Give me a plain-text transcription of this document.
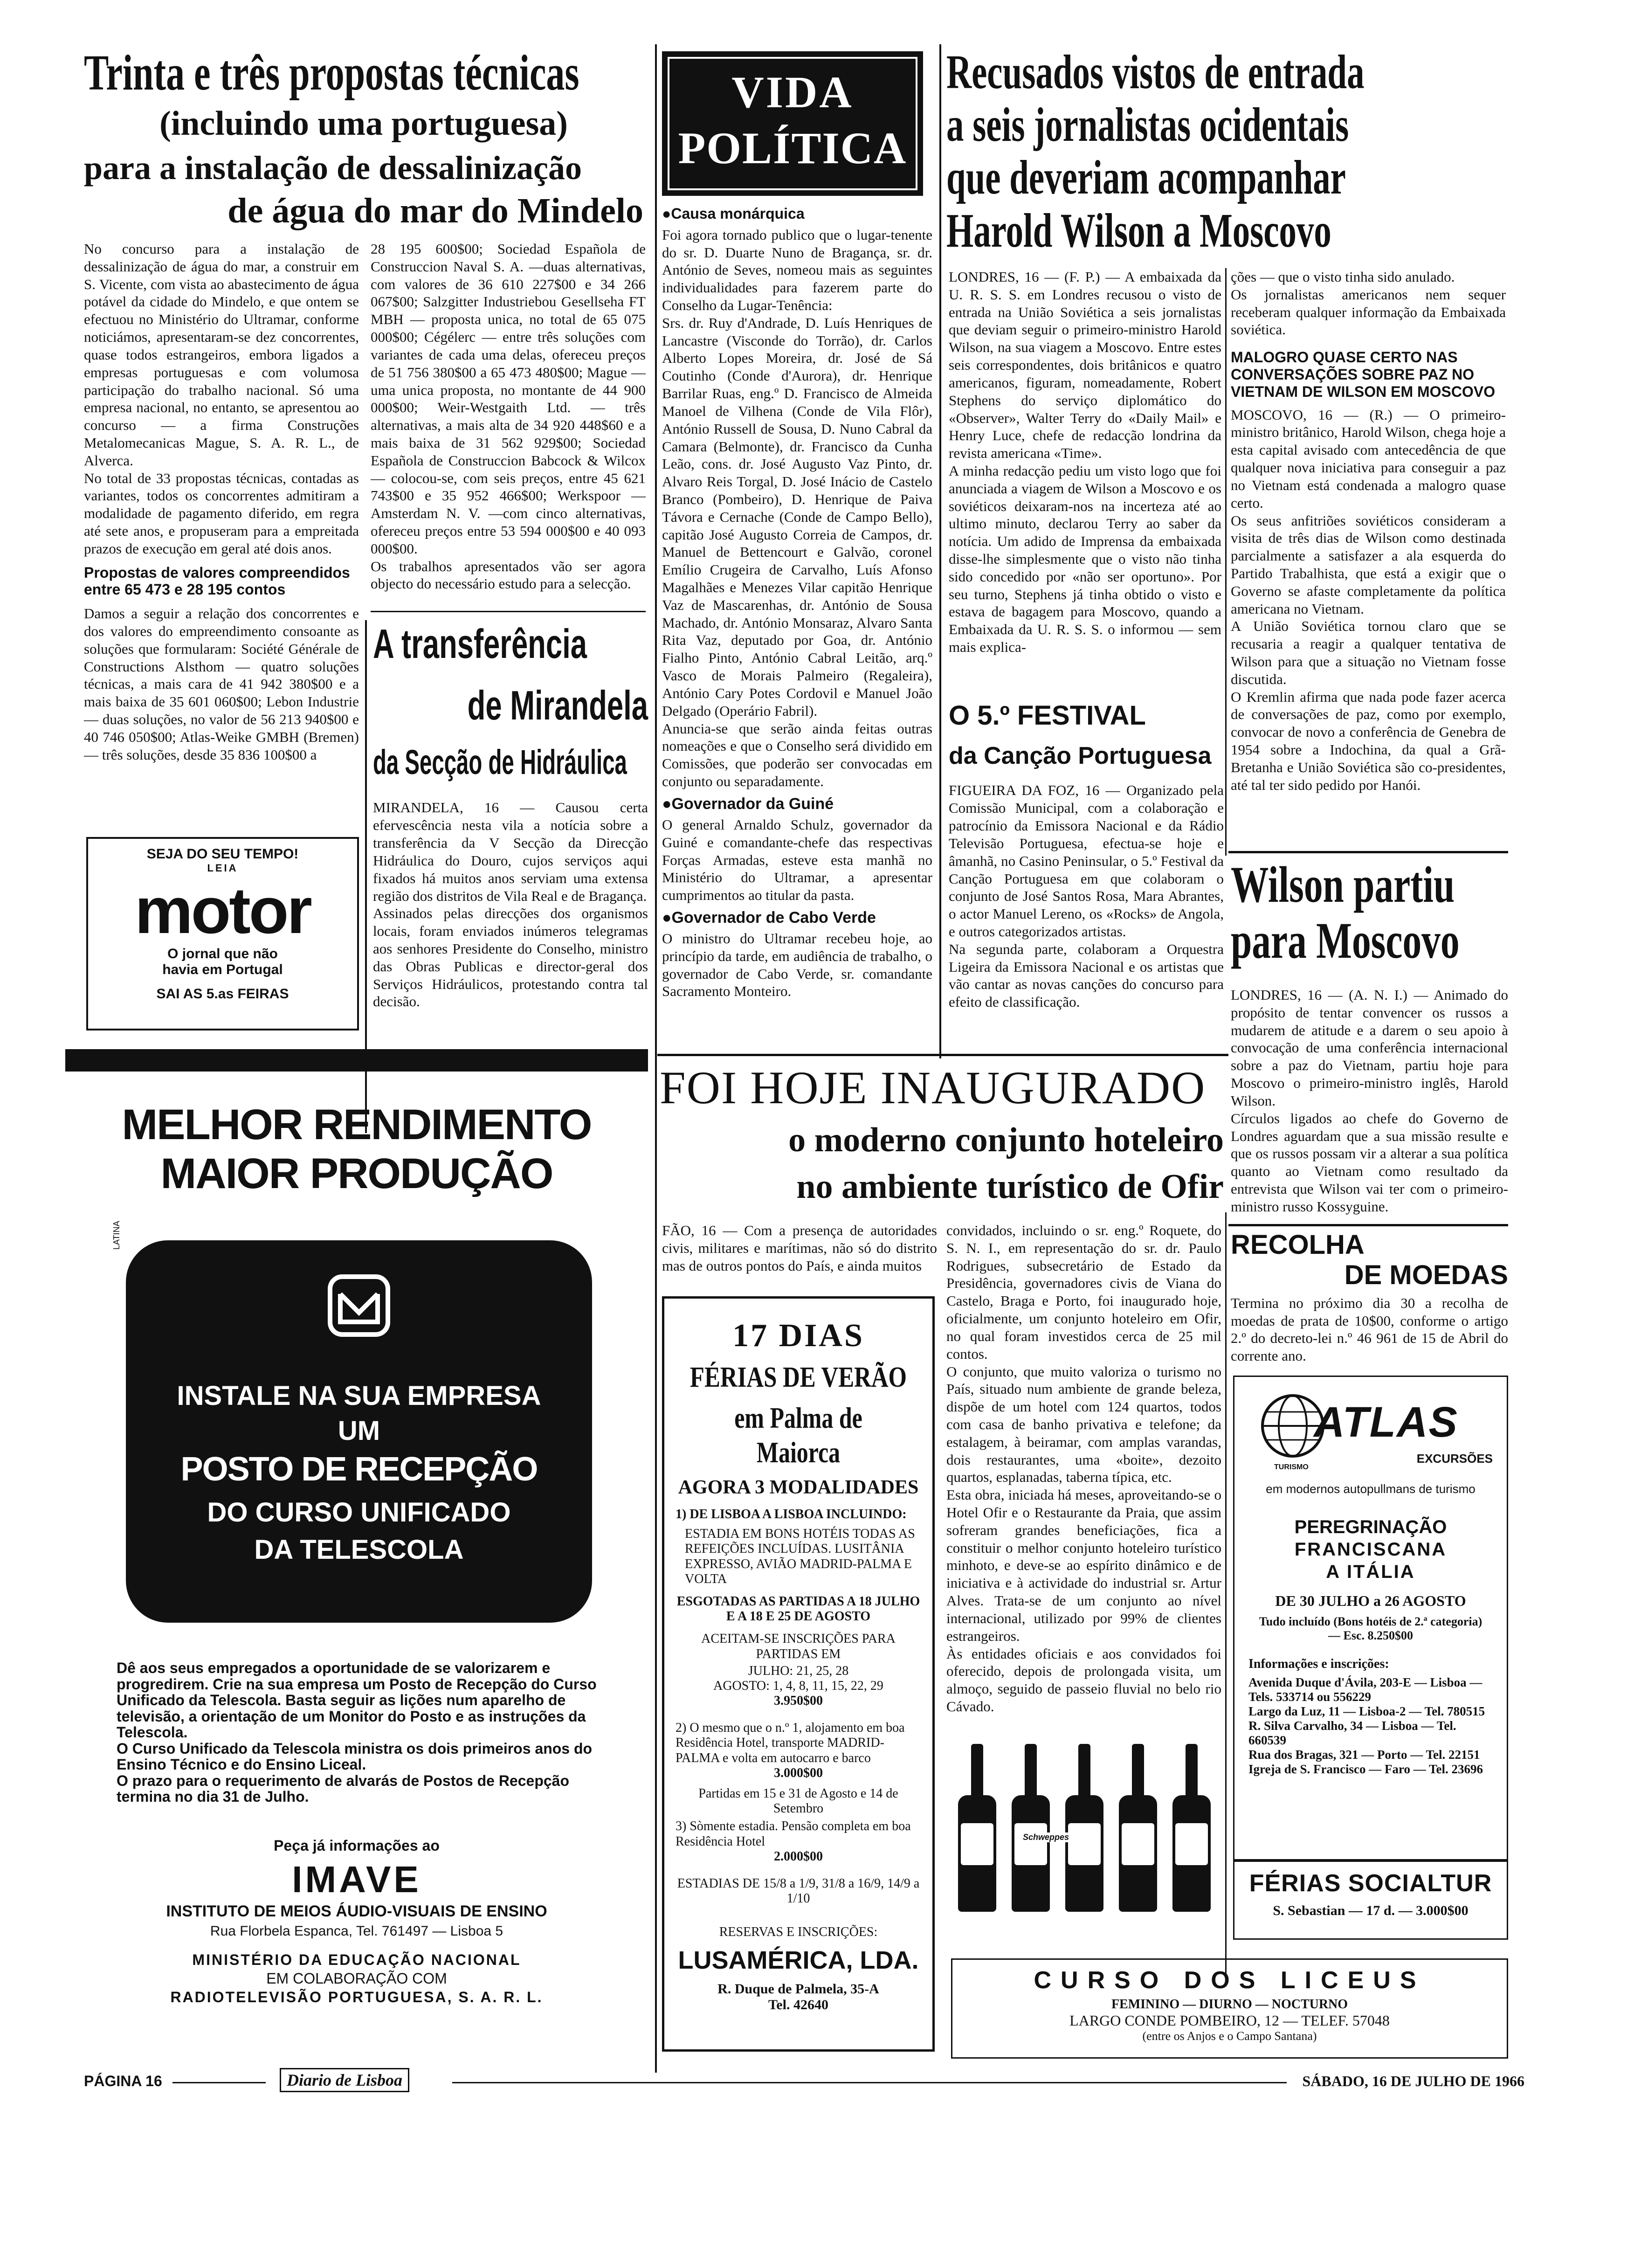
Trinta e três propostas técnicas
(incluindo uma portuguesa)
para a instalação de dessalinização
de água do mar do Mindelo

No concurso para a instalação de dessalinização de água do mar, a construir em S. Vicente, com vista ao abastecimento de água potável da cidade do Mindelo, e que ontem se efectuou no Ministério do Ultramar, conforme noticiámos, apresentaram-se dez concorrentes, quase todos estrangeiros, embora ligados a empresas portuguesas e com volumosa participação do trabalho nacional. Só uma empresa nacional, no entanto, se apresentou ao concurso — a firma Construções Metalomecanicas Mague, S. A. R. L., de Alverca.
No total de 33 propostas técnicas, contadas as variantes, todos os concorrentes admitiram a modalidade de pagamento diferido, em regra até sete anos, e propuseram para a empreitada prazos de execução em geral até dois anos.

Propostas de valores compreendidos entre 65 473 e 28 195 contos

Damos a seguir a relação dos concorrentes e dos valores do empreendimento consoante as soluções que formularam: Société Générale de Constructions Alsthom — quatro soluções técnicas, a mais cara de 41 942 380$00 e a mais baixa de 35 601 060$00; Lebon Industrie — duas soluções, no valor de 56 213 940$00 e 40 746 050$00; Atlas-Weike GMBH (Bremen) — três soluções, desde 35 836 100$00 a

28 195 600$00; Sociedad Española de Construccion Naval S. A. —duas alternativas, com valores de 36 610 227$00 e 34 266 067$00; Salzgitter Industriebou Gesellseha FT MBH — proposta unica, no total de 65 075 000$00; Cégélerc — entre três soluções com variantes de cada uma delas, ofereceu preços de 51 756 380$00 a 65 473 480$00; Mague — uma unica proposta, no montante de 44 900 000$00; Weir-Westgaith Ltd. — três alternativas, a mais alta de 34 920 448$60 e a mais baixa de 31 562 929$00; Sociedad Española de Construccion Babcock & Wilcox — colocou-se, com seis preços, entre 45 621 743$00 e 35 952 466$00; Werkspoor — Amsterdam N. V. —com cinco alternativas, ofereceu preços entre 53 594 000$00 e 40 093 000$00.
Os trabalhos apresentados vão ser agora objecto do necessário estudo para a selecção.

A transferência
de Mirandela
da Secção de Hidráulica

MIRANDELA, 16 — Causou certa efervescência nesta vila a notícia sobre a transferência da V Secção da Direcção Hidráulica do Douro, cujos serviços aqui fixados há muitos anos serviam uma extensa região dos distritos de Vila Real e de Bragança.
Assinados pelas direcções dos organismos locais, foram enviados inúmeros telegramas aos senhores Presidente do Conselho, ministro das Obras Publicas e director-geral dos Serviços Hidráulicos, protestando contra tal decisão.

SEJA DO SEU TEMPO!
LEIA
motor
O jornal que não
havia em Portugal
SAI AS 5.as FEIRAS
MELHOR RENDIMENTO
MAIOR PRODUÇÃO
LATINA
INSTALE NA SUA EMPRESA
UM
POSTO DE RECEPÇÃO
DO CURSO UNIFICADO
DA TELESCOLA

Dê aos seus empregados a oportunidade de se valorizarem e progredirem. Crie na sua empresa um Posto de Recepção do Curso Unificado da Telescola. Basta seguir as lições num aparelho de televisão, a orientação de um Monitor do Posto e as instruções da Telescola.
O Curso Unificado da Telescola ministra os dois primeiros anos do Ensino Técnico e do Ensino Liceal.
O prazo para o requerimento de alvarás de Postos de Recepção termina no dia 31 de Julho.

Peça já informações ao
IMAVE
INSTITUTO DE MEIOS ÁUDIO-VISUAIS DE ENSINO
Rua Florbela Espanca, Tel. 761497 — Lisboa 5
MINISTÉRIO DA EDUCAÇÃO NACIONAL
EM COLABORAÇÃO COM
RADIOTELEVISÃO PORTUGUESA, S. A. R. L.
VIDA
POLÍTICA

● Causa monárquica

Foi agora tornado publico que o lugar-tenente do sr. D. Duarte Nuno de Bragança, sr. dr. António de Seves, nomeou mais as seguintes individualidades para fazerem parte do Conselho da Lugar-Tenência:
Srs. dr. Ruy d'Andrade, D. Luís Henriques de Lancastre (Visconde do Torrão), dr. Carlos Alberto Lopes Moreira, dr. José de Sá Coutinho (Conde d'Aurora), dr. Henrique Barrilar Ruas, eng.º D. Francisco de Almeida Manoel de Vilhena (Conde de Vila Flôr), António Russell de Sousa, D. Nuno Cabral da Camara (Belmonte), dr. Francisco da Cunha Leão, cons. dr. José Augusto Vaz Pinto, dr. Alvaro Reis Torgal, D. José Inácio de Castelo Branco (Pombeiro), D. Henrique de Paiva Távora e Cernache (Conde de Campo Bello), capitão José Augusto Correia de Campos, dr. Manuel de Bettencourt e Galvão, coronel Emílio Crugeira de Carvalho, Luís Afonso Magalhães e Menezes Vilar capitão Henrique Vaz de Mascarenhas, dr. António de Sousa Machado, dr. António Monsaraz, Alvaro Santa Rita Vaz, deputado por Goa, dr. António Fialho Pinto, António Cabral Leitão, arq.º Vasco de Morais Palmeiro (Regaleira), António Cary Potes Cordovil e Manuel João Delgado (Operário Fabril).
Anuncia-se que serão ainda feitas outras nomeações e que o Conselho será dividido em Comissões, que poderão ser convocadas em conjunto ou separadamente.

● Governador da Guiné

O general Arnaldo Schulz, governador da Guiné e comandante-chefe das respectivas Forças Armadas, esteve esta manhã no Ministério do Ultramar, a apresentar cumprimentos ao titular da pasta.

● Governador de Cabo Verde

O ministro do Ultramar recebeu hoje, ao princípio da tarde, em audiência de trabalho, o governador de Cabo Verde, sr. comandante Sacramento Monteiro.

Recusados vistos de entrada
a seis jornalistas ocidentais
que deveriam acompanhar
Harold Wilson a Moscovo

LONDRES, 16 — (F. P.) — A embaixada da U. R. S. S. em Londres recusou o visto de entrada na União Soviética a seis jornalistas que deviam seguir o primeiro-ministro Harold Wilson, na sua viagem a Moscovo. Entre estes seis correspondentes, dois britânicos e quatro americanos, figuram, nomeadamente, Robert Stephens do serviço diplomático do «Observer», Walter Terry do «Daily Mail» e Henry Luce, chefe de redacção londrina da revista americana «Time».
A minha redacção pediu um visto logo que foi anunciada a viagem de Wilson a Moscovo e os soviéticos deixaram-nos na incerteza até ao ultimo minuto, declarou Terry ao saber da notícia. Um adido de Imprensa da embaixada disse-lhe simplesmente que o visto não tinha sido concedido por «não ser oportuno». Por seu turno, Stephens já tinha obtido o visto e estava de bagagem para Moscovo, quando a Embaixada da U. R. S. S. o informou — sem mais explica-

ções — que o visto tinha sido anulado.
Os jornalistas americanos nem sequer receberam qualquer informação da Embaixada soviética.

MALOGRO QUASE CERTO NAS CONVERSAÇÕES SOBRE PAZ NO VIETNAM DE WILSON EM MOSCOVO

MOSCOVO, 16 — (R.) — O primeiro-ministro britânico, Harold Wilson, chega hoje a esta capital avisado com antecedência de que qualquer nova iniciativa para conseguir a paz no Vietnam está condenada a malogro quase certo.
Os seus anfitriões soviéticos consideram a visita de três dias de Wilson como destinada parcialmente a satisfazer a ala esquerda do Partido Trabalhista, que está a exigir que o Governo se afaste completamente da política americana no Vietnam.
A União Soviética tornou claro que se recusaria a reagir a qualquer tentativa de Wilson para que a situação no Vietnam fosse discutida.
O Kremlin afirma que nada pode fazer acerca de conversações de paz, como por exemplo, convocar de novo a conferência de Genebra de 1954 sobre a Indochina, da qual a Grã-Bretanha e União Soviética são co-presidentes, até tal ter sido pedido por Hanói.

O 5.º FESTIVAL
da Canção Portuguesa

FIGUEIRA DA FOZ, 16 — Organizado pela Comissão Municipal, com a colaboração e patrocínio da Emissora Nacional e da Rádio Televisão Portuguesa, efectua-se hoje e âmanhã, no Casino Peninsular, o 5.º Festival da Canção Portuguesa em que colaboram o conjunto de José Santos Rosa, Mara Abrantes, o actor Manuel Lereno, os «Rocks» de Angola, e outros categorizados artistas.
Na segunda parte, colaboram a Orquestra Ligeira da Emissora Nacional e os artistas que vão cantar as novas canções do concurso para efeito de classificação.

Wilson partiu
para Moscovo

LONDRES, 16 — (A. N. I.) — Animado do propósito de tentar convencer os russos a mudarem de atitude e a darem o seu apoio à convocação de uma conferência internacional sobre a paz do Vietnam, partiu hoje para Moscovo o primeiro-ministro inglês, Harold Wilson.
Círculos ligados ao chefe do Governo de Londres aguardam que a sua missão resulte e que os russos possam vir a alterar a sua política quanto ao Vietnam como resultado da entrevista que Wilson vai ter com o primeiro-ministro russo Kossyguine.

RECOLHA
DE MOEDAS

Termina no próximo dia 30 a recolha de moedas de prata de 10$00, conforme o artigo 2.º do decreto-lei n.º 46 961 de 15 de Abril do corrente ano.

FOI HOJE INAUGURADO
o moderno conjunto hoteleiro
no ambiente turístico de Ofir

FÃO, 16 — Com a presença de autoridades civis, militares e marítimas, não só do distrito mas de outros pontos do País, e ainda muitos

convidados, incluindo o sr. eng.º Roquete, do S. N. I., em representação do sr. dr. Paulo Rodrigues, subsecretário de Estado da Presidência, governadores civis de Viana do Castelo, Braga e Porto, foi inaugurado hoje, oficialmente, um conjunto hoteleiro em Ofir, no qual foram investidos cerca de 25 mil contos.
O conjunto, que muito valoriza o turismo no País, situado num ambiente de grande beleza, dispõe de um hotel com 124 quartos, todos com casa de banho privativa e telefone; da estalagem, à beiramar, com amplas varandas, dois restaurantes, uma «boite», dezoito quartos, esplanadas, taberna típica, etc.
Esta obra, iniciada há meses, aproveitando-se o Hotel Ofir e o Restaurante da Praia, que assim sofreram grandes beneficiações, fica a constituir o melhor conjunto hoteleiro turístico minhoto, e deve-se ao espírito dinâmico e de iniciativa e à actividade do industrial sr. Artur Alves. Trata-se de um conjunto ao nível internacional, utilizado por 99% de clientes estrangeiros.
Às entidades oficiais e aos convidados foi oferecido, depois de prolongada visita, um almoço, seguido de passeio fluvial no belo rio Cávado.

17 DIAS
FÉRIAS DE VERÃO
em Palma de Maiorca
AGORA 3 MODALIDADES

1) DE LISBOA A LISBOA INCLUINDO:

ESTADIA EM BONS HOTÉIS TODAS AS REFEIÇÕES INCLUÍDAS. LUSITÂNIA EXPRESSO, AVIÃO MADRID-PALMA E VOLTA

ESGOTADAS AS PARTIDAS A 18 JULHO E A 18 E 25 DE AGOSTO

ACEITAM-SE INSCRIÇÕES PARA PARTIDAS EM

JULHO: 21, 25, 28

AGOSTO: 1, 4, 8, 11, 15, 22, 29

3.950$00

2) O mesmo que o n.º 1, alojamento em boa Residência Hotel, transporte MADRID-PALMA e volta em autocarro e barco

3.000$00

Partidas em 15 e 31 de Agosto e 14 de Setembro

3) Sòmente estadia. Pensão completa em boa Residência Hotel

2.000$00

ESTADIAS DE 15/8 a 1/9, 31/8 a 16/9, 14/9 a 1/10

RESERVAS E INSCRIÇÕES:

LUSAMÉRICA, LDA.
R. Duque de Palmela, 35-A
Tel. 42640
Schweppes
ATLAS
TURISMO
EXCURSÕES
em modernos autopullmans de turismo
PEREGRINAÇÃO
FRANCISCANA
A ITÁLIA
DE 30 JULHO a 26 AGOSTO
Tudo incluído (Bons hotéis de 2.ª categoria) — Esc. 8.250$00
Informações e inscrições:

Avenida Duque d'Ávila, 203-E — Lisboa — Tels. 533714 ou 556229

Largo da Luz, 11 — Lisboa-2 — Tel. 780515

R. Silva Carvalho, 34 — Lisboa — Tel. 660539

Rua dos Bragas, 321 — Porto — Tel. 22151

Igreja de S. Francisco — Faro — Tel. 23696

FÉRIAS SOCIALTUR
S. Sebastian — 17 d. — 3.000$00
CURSO DOS LICEUS
FEMININO — DIURNO — NOCTURNO
LARGO CONDE POMBEIRO, 12 — TELEF. 57048
(entre os Anjos e o Campo Santana)
PÁGINA 16	Diario de Lisboa	SÁBADO, 16 DE JULHO DE 1966
